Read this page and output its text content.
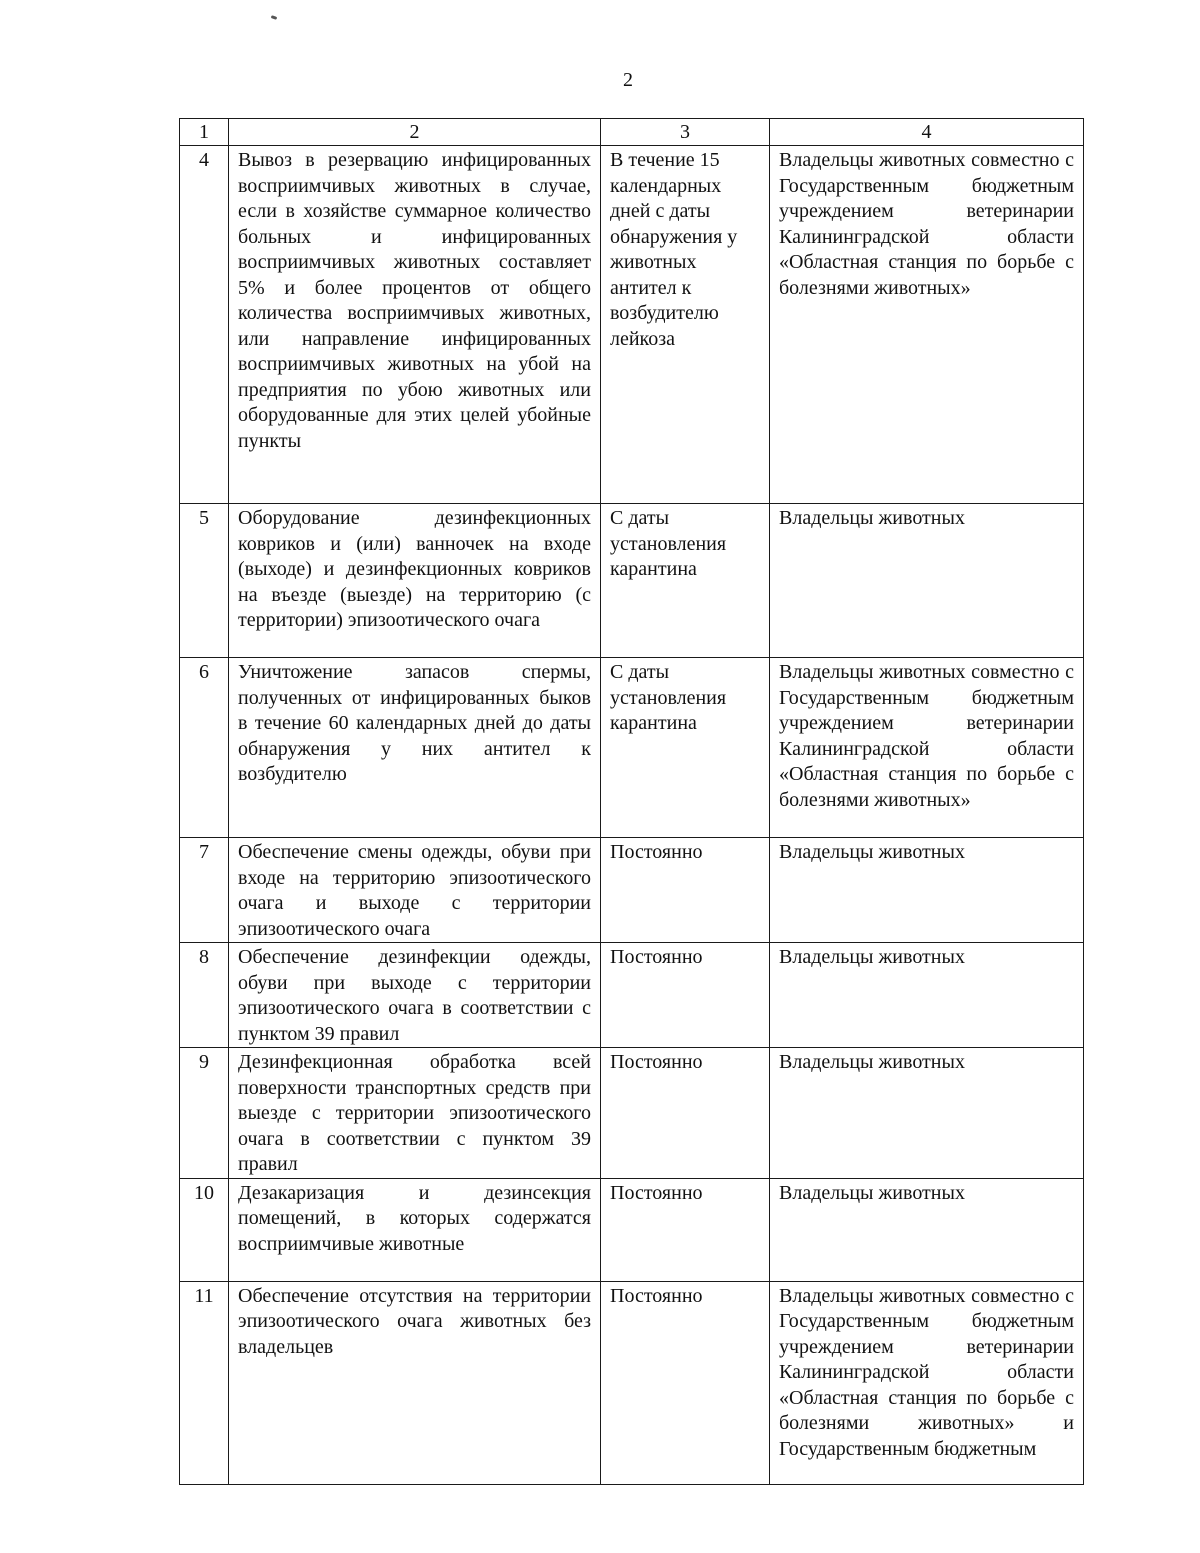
2
1	2	3	4
4	Вывоз в резервацию инфицированных восприимчивых животных в случае, если в хозяйстве суммарное количество больных и инфицированных восприимчивых животных составляет 5% и более процентов от общего количества восприимчивых животных, или направление инфицированных восприимчивых животных на убой на предприятия по убою животных или оборудованные для этих целей убойные пункты	В течение 15 календарных дней с даты обнаружения у животных антител к возбудителю лейкоза	Владельцы животных совместно с Государственным бюджетным учреждением ветеринарии Калининградской области «Областная станция по борьбе с болезнями животных»
5	Оборудование дезинфекционных ковриков и (или) ванночек на входе (выходе) и дезинфекционных ковриков на въезде (выезде) на территорию (с территории) эпизоотического очага	С даты установления карантина	Владельцы животных
6	Уничтожение запасов спермы, полученных от инфицированных быков в течение 60 календарных дней до даты обнаружения у них антител к возбудителю	С даты установления карантина	Владельцы животных совместно с Государственным бюджетным учреждением ветеринарии Калининградской области «Областная станция по борьбе с болезнями животных»
7	Обеспечение смены одежды, обуви при входе на территорию эпизоотического очага и выходе с территории эпизоотического очага	Постоянно	Владельцы животных
8	Обеспечение дезинфекции одежды, обуви при выходе с территории эпизоотического очага в соответствии с пунктом 39 правил	Постоянно	Владельцы животных
9	Дезинфекционная обработка всей поверхности транспортных средств при выезде с территории эпизоотического очага в соответствии с пунктом 39 правил	Постоянно	Владельцы животных
10	Дезакаризация и дезинсекция помещений, в которых содержатся восприимчивые животные	Постоянно	Владельцы животных
11	Обеспечение отсутствия на территории эпизоотического очага животных без владельцев	Постоянно	Владельцы животных совместно с Государственным бюджетным учреждением ветеринарии Калининградской области «Областная станция по борьбе с болезнями животных» и Государственным бюджетным
